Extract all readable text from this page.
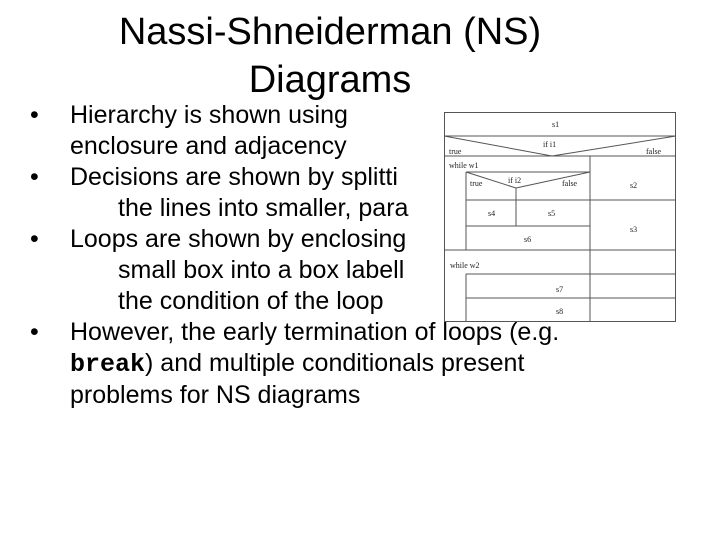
Nassi-Shneiderman (NS)
Diagrams
s1
if i1
true	false
while w1
if i2
true	false
s4	s5
s6
s2
s3
while w2
s7
s8
• Hierarchy is shown using
enclosure and adjacency
• Decisions are shown by splitti
the lines into smaller, para
• Loops are shown by enclosing
small box into a box labell
the condition of the loop
• However, the early termination of loops (e.g.
break) and multiple conditionals present
problems for NS diagrams
